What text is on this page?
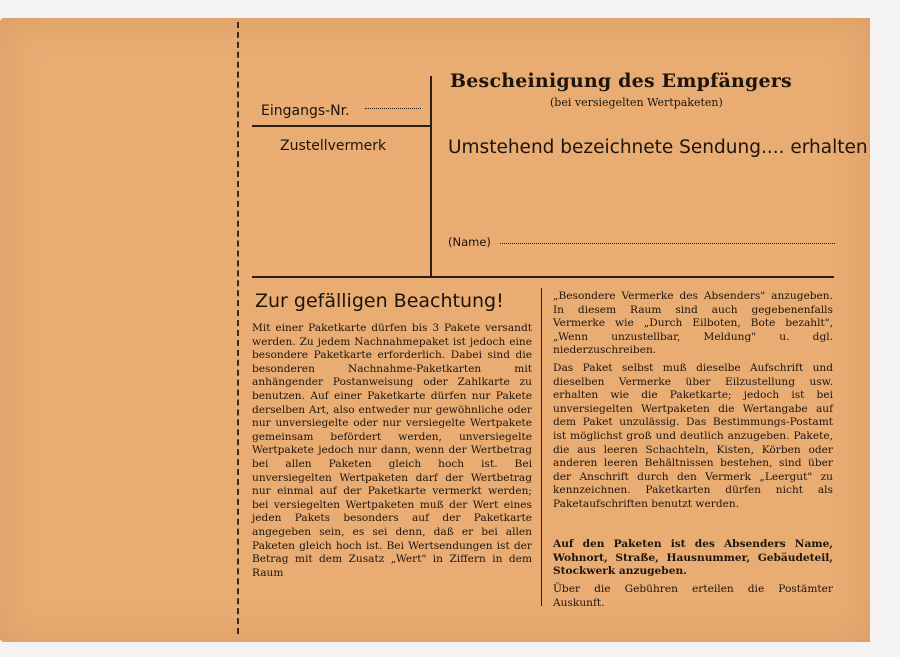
Bescheinigung des Empfängers
(bei versiegelten Wertpaketen)
Eingangs-Nr.
Zustellvermerk	Umstehend bezeichnete Sendung.... erhalten
(Name)
Zur gefälligen Beachtung!
Mit einer Paketkarte dürfen bis 3 Pakete versandt werden. Zu jedem Nachnahmepaket ist jedoch eine besondere Paketkarte erforderlich. Dabei sind die besonderen Nachnahme-Paketkarten mit anhängender Postanweisung oder Zahlkarte zu benutzen. Auf einer Paketkarte dürfen nur Pakete derselben Art, also entweder nur gewöhnliche oder nur unversiegelte oder nur versiegelte Wertpakete gemeinsam befördert werden, unversiegelte Wertpakete jedoch nur dann, wenn der Wertbetrag bei allen Paketen gleich hoch ist. Bei unversiegelten Wertpaketen darf der Wertbetrag nur einmal auf der Paketkarte vermerkt werden; bei versiegelten Wertpaketen muß der Wert eines jeden Pakets besonders auf der Paketkarte angegeben sein, es sei denn, daß er bei allen Paketen gleich hoch ist. Bei Wertsendungen ist der Betrag mit dem Zusatz „Wert" in Ziffern in dem Raum
„Besondere Vermerke des Absenders" anzugeben. In diesem Raum sind auch gegebenenfalls Vermerke wie „Durch Eilboten, Bote bezahlt", „Wenn unzustellbar, Meldung" u. dgl. niederzuschreiben.
Das Paket selbst muß dieselbe Aufschrift und dieselben Vermerke über Eilzustellung usw. erhalten wie die Paketkarte; jedoch ist bei unversiegelten Wertpaketen die Wertangabe auf dem Paket unzulässig. Das Bestimmungs-Postamt ist möglichst groß und deutlich anzugeben. Pakete, die aus leeren Schachteln, Kisten, Körben oder anderen leeren Behältnissen bestehen, sind über der Anschrift durch den Vermerk „Leergut" zu kennzeichnen. Paketkarten dürfen nicht als Paketaufschriften benutzt werden.
Auf den Paketen ist des Absenders Name, Wohnort, Straße, Hausnummer, Gebäudeteil, Stockwerk anzugeben.
Über die Gebühren erteilen die Postämter Auskunft.
